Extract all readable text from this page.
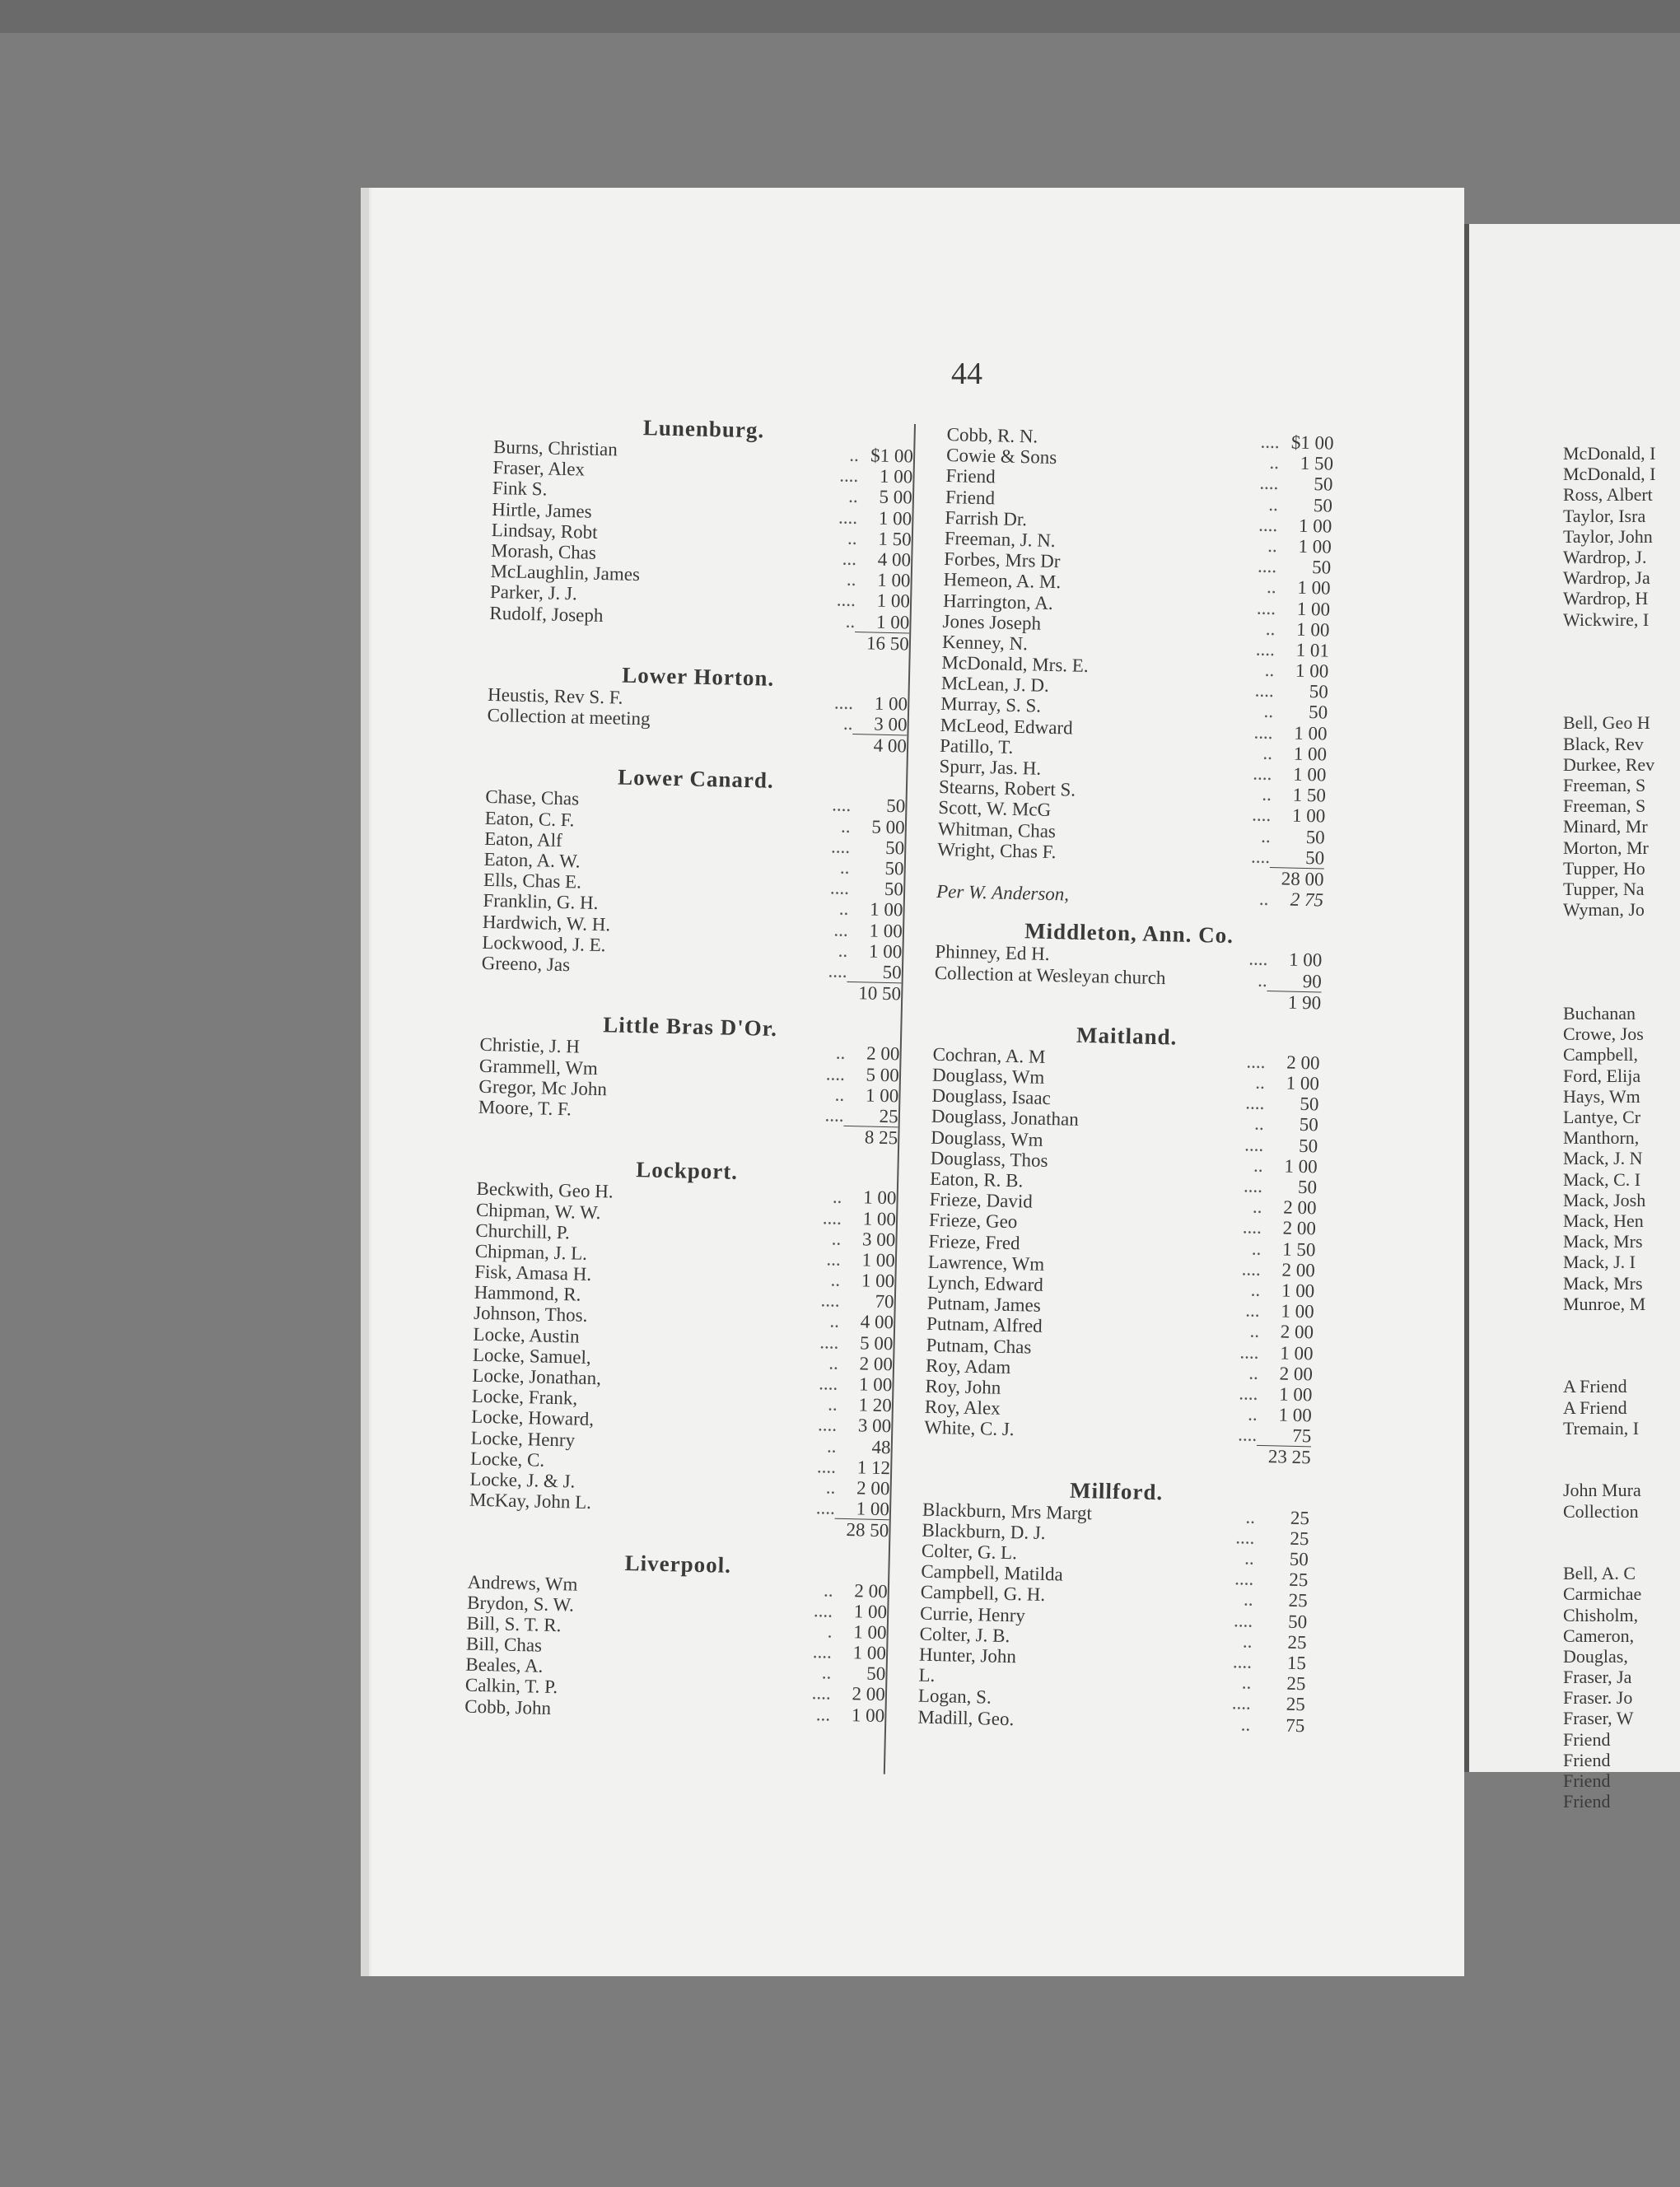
44
Lunenburg.
Burns, Christian	.. $1 00
Fraser, Alex	....	1 00
Fink S.	..	5 00
Hirtle, James	....	1 00
Lindsay, Robt	..	1 50
Morash, Chas	...	4 00
McLaughlin, James	..	1 00
Parker, J. J.	....	1 00
Rudolf, Joseph	..	1 00
16 50
Lower Horton.
Heustis, Rev S. F.	....	1 00
Collection at meeting	..	3 00
4 00
Lower Canard.
Chase, Chas	....	50
Eaton, C. F.	..	5 00
Eaton, Alf	....	50
Eaton, A. W.	..	50
Ells, Chas E.	....	50
Franklin, G. H.	..	1 00
Hardwich, W. H.	...	1 00
Lockwood, J. E.	..	1 00
Greeno, Jas	....	50
10 50
Little Bras D'Or.
Christie, J. H	..	2 00
Grammell, Wm	....	5 00
Gregor, Mc John	..	1 00
Moore, T. F.	....	25
8 25
Lockport.
Beckwith, Geo H.	..	1 00
Chipman, W. W.	....	1 00
Churchill, P.	..	3 00
Chipman, J. L.	...	1 00
Fisk, Amasa H.	..	1 00
Hammond, R.	....	70
Johnson, Thos.	..	4 00
Locke, Austin	....	5 00
Locke, Samuel,	..	2 00
Locke, Jonathan,	....	1 00
Locke, Frank,	..	1 20
Locke, Howard,	....	3 00
Locke, Henry	..	48
Locke, C.	....	1 12
Locke, J. & J.	..	2 00
McKay, John L.	....	1 00
28 50
Liverpool.
Andrews, Wm	..	2 00
Brydon, S. W.	....	1 00
Bill, S. T. R.	.	1 00
Bill, Chas	....	1 00
Beales, A.	..	50
Calkin, T. P.	....	2 00
Cobb, John	...	1 00
Cobb, R. N.	.... $1 00
Cowie & Sons	..	1 50
Friend	....	50
Friend	..	50
Farrish Dr.	....	1 00
Freeman, J. N.	..	1 00
Forbes, Mrs Dr	....	50
Hemeon, A. M.	..	1 00
Harrington, A.	....	1 00
Jones Joseph	..	1 00
Kenney, N.	....	1 01
McDonald, Mrs. E.	..	1 00
McLean, J. D.	....	50
Murray, S. S.	..	50
McLeod, Edward	....	1 00
Patillo, T.	..	1 00
Spurr, Jas. H.	....	1 00
Stearns, Robert S.	..	1 50
Scott, W. McG	....	1 00
Whitman, Chas	..	50
Wright, Chas F.	....	50
28 00
Per W. Anderson,	..	2 75
Middleton, Ann. Co.
Phinney, Ed H.	....	1 00
Collection at Wesleyan church	..	90
1 90
Maitland.
Cochran, A. M	....	2 00
Douglass, Wm	..	1 00
Douglass, Isaac	....	50
Douglass, Jonathan	..	50
Douglass, Wm	....	50
Douglass, Thos	..	1 00
Eaton, R. B.	....	50
Frieze, David	..	2 00
Frieze, Geo	....	2 00
Frieze, Fred	..	1 50
Lawrence, Wm	....	2 00
Lynch, Edward	..	1 00
Putnam, James	...	1 00
Putnam, Alfred	..	2 00
Putnam, Chas	....	1 00
Roy, Adam	..	2 00
Roy, John	....	1 00
Roy, Alex	..	1 00
White, C. J.	....	75
23 25
Millford.
Blackburn, Mrs Margt	..	25
Blackburn, D. J.	....	25
Colter, G. L.	..	50
Campbell, Matilda	....	25
Campbell, G. H.	..	25
Currie, Henry	....	50
Colter, J. B.	..	25
Hunter, John	....	15
L.	..	25
Logan, S.	....	25
Madill, Geo.	..	75
McDonald, I
McDonald, I
Ross, Albert
Taylor, Isra
Taylor, John
Wardrop, J.
Wardrop, Ja
Wardrop, H
Wickwire, I
Bell, Geo H
Black, Rev
Durkee, Rev
Freeman, S
Freeman, S
Minard, Mr
Morton, Mr
Tupper, Ho
Tupper, Na
Wyman, Jo
Buchanan
Crowe, Jos
Campbell,
Ford, Elija
Hays, Wm
Lantye, Cr
Manthorn,
Mack, J. N
Mack, C. I
Mack, Josh
Mack, Hen
Mack, Mrs
Mack, J. I
Mack, Mrs
Munroe, M
A Friend
A Friend
Tremain, I
John Mura
Collection
Bell, A. C
Carmichae
Chisholm,
Cameron,
Douglas,
Fraser, Ja
Fraser. Jo
Fraser, W
Friend
Friend
Friend
Friend
